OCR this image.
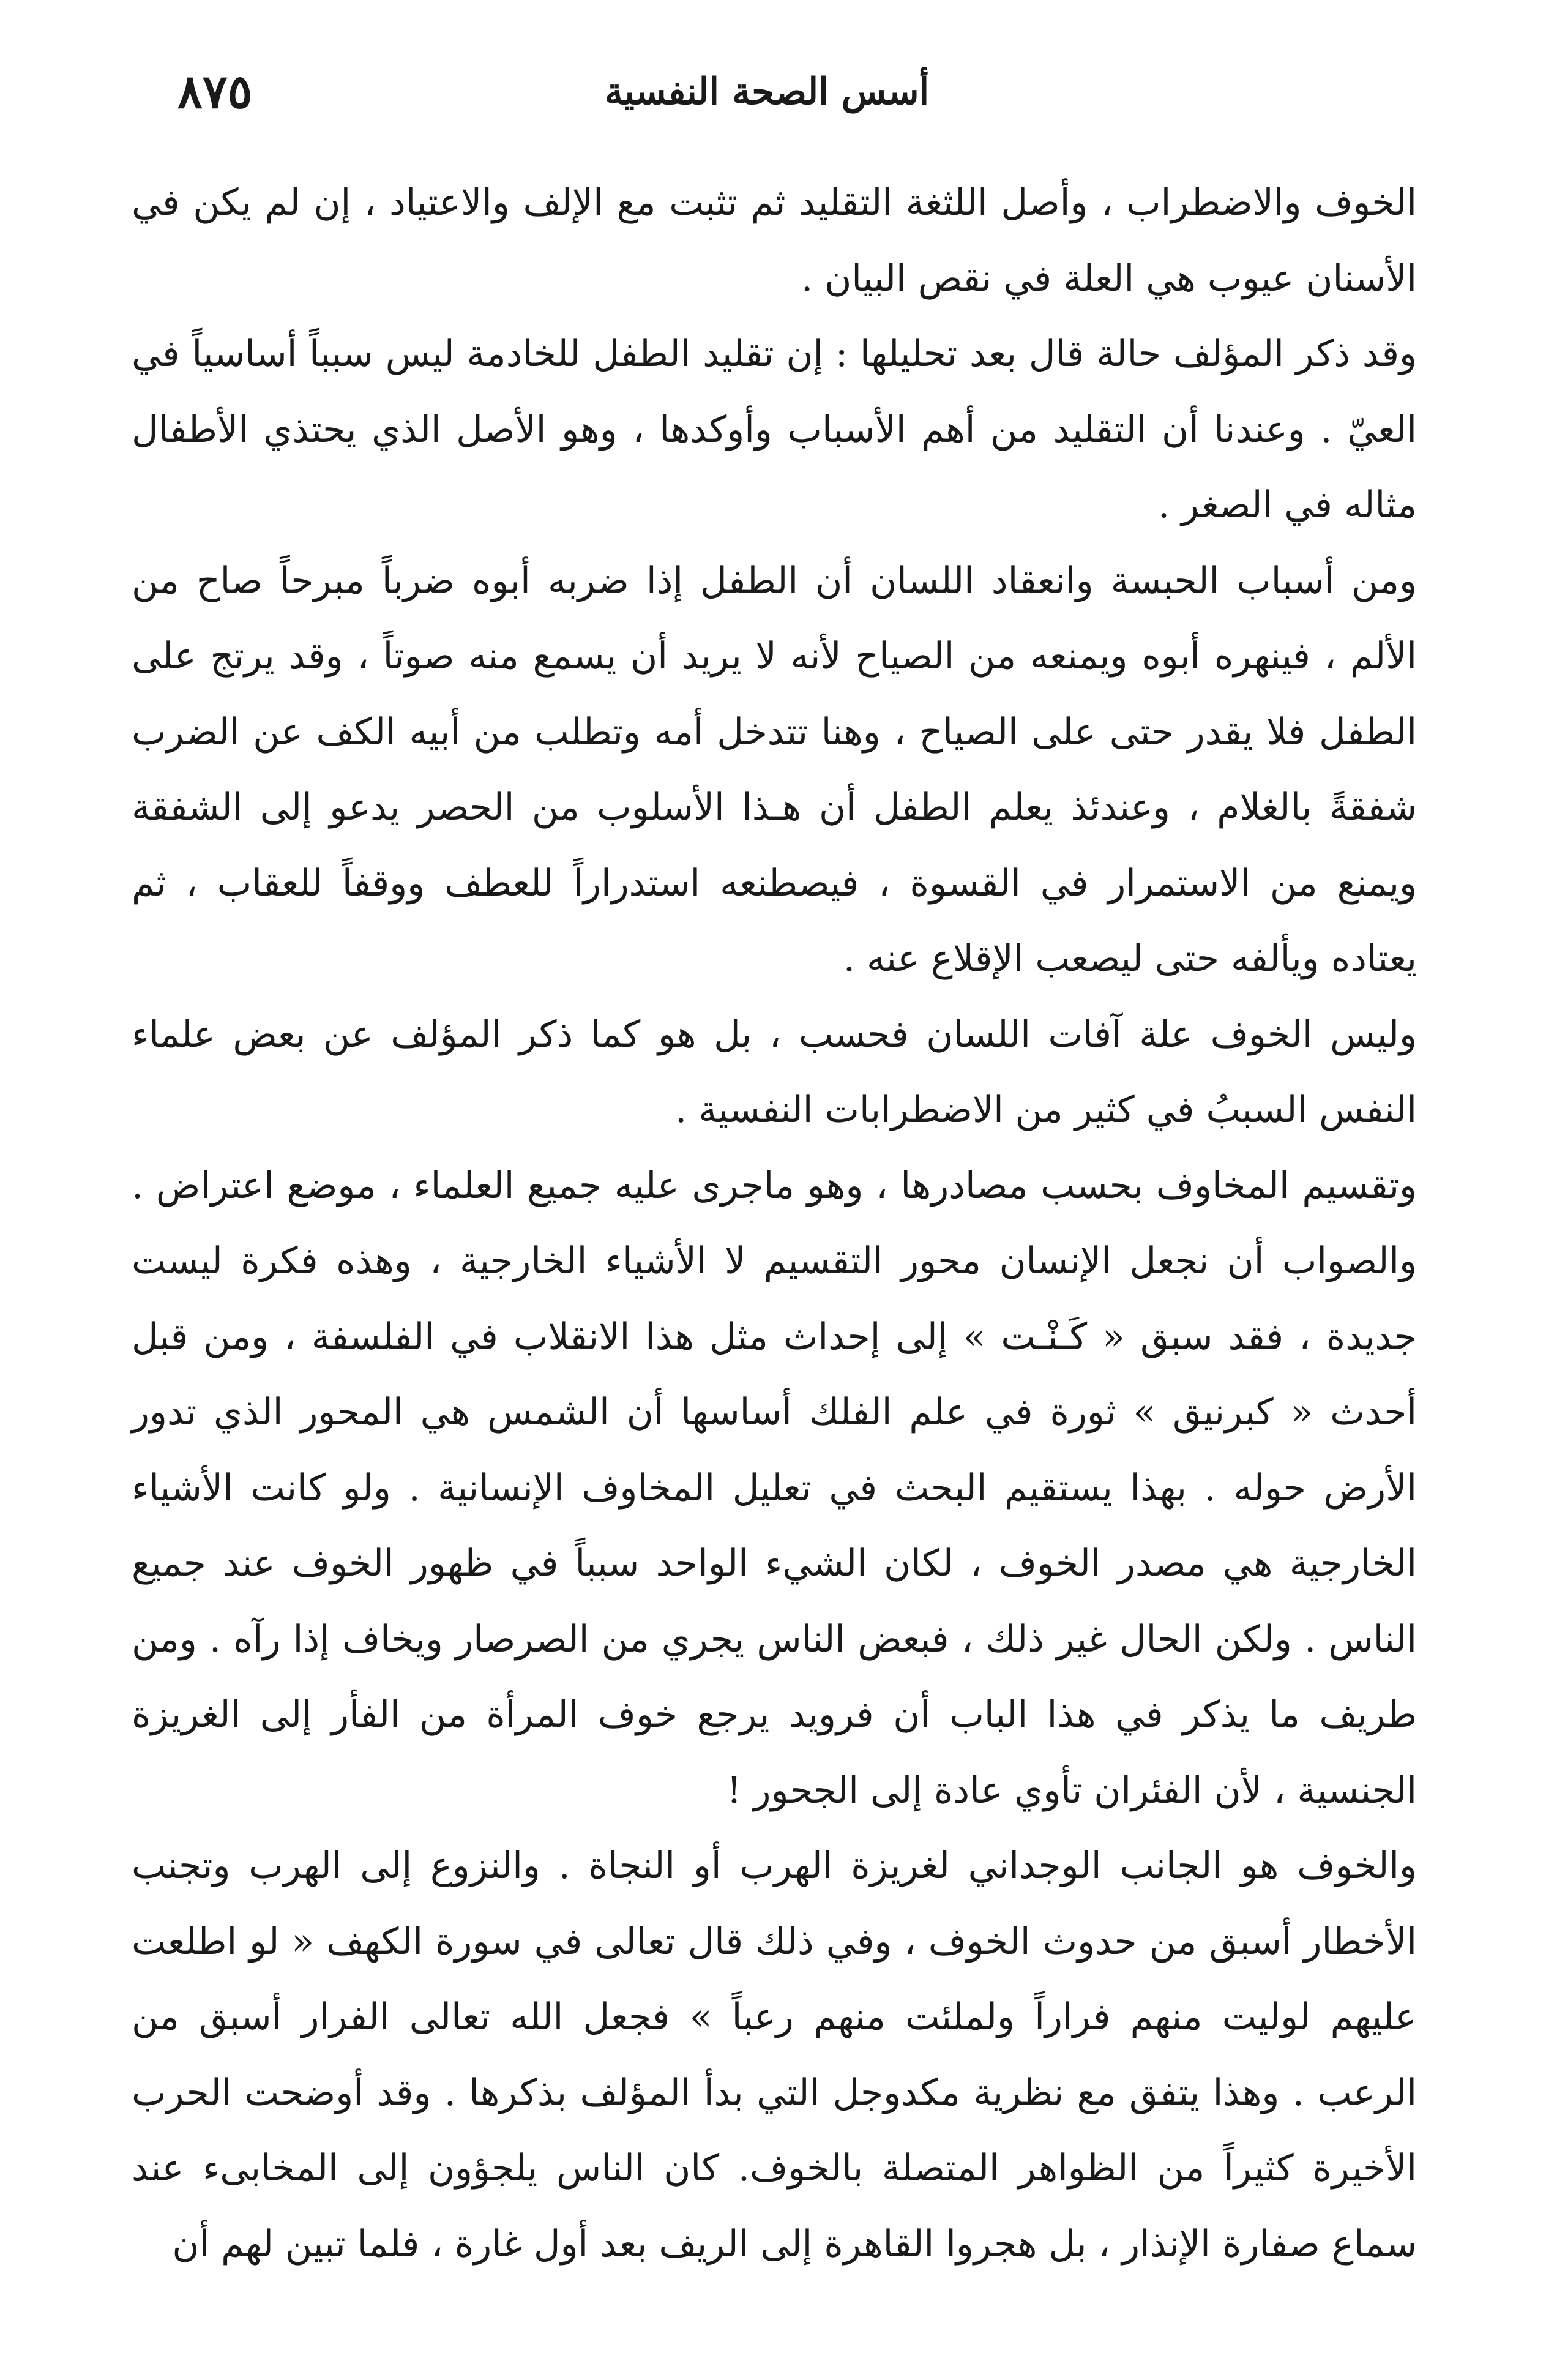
أسس الصحة النفسية
٨٧٥

الخوف والاضطراب ، وأصل اللثغة التقليد ثم تثبت مع الإلف والاعتياد ، إن لم يكن في الأسنان عيوب هي العلة في نقص البيان .

وقد ذكر المؤلف حالة قال بعد تحليلها : إن تقليد الطفل للخادمة ليس سبباً أساسياً في العيّ . وعندنا أن التقليد من أهم الأسباب وأوكدها ، وهو الأصل الذي يحتذي الأطفال مثاله في الصغر .

ومن أسباب الحبسة وانعقاد اللسان أن الطفل إذا ضربه أبوه ضرباً مبرحاً صاح من الألم ، فينهره أبوه ويمنعه من الصياح لأنه لا يريد أن يسمع منه صوتاً ، وقد يرتج على الطفل فلا يقدر حتى على الصياح ، وهنا تتدخل أمه وتطلب من أبيه الكف عن الضرب شفقةً بالغلام ، وعندئذ يعلم الطفل أن هـذا الأسلوب من الحصر يدعو إلى الشفقة ويمنع من الاستمرار في القسوة ، فيصطنعه استدراراً للعطف ووقفاً للعقاب ، ثم يعتاده ويألفه حتى ليصعب الإقلاع عنه .

وليس الخوف علة آفات اللسان فحسب ، بل هو كما ذكر المؤلف عن بعض علماء النفس السببُ في كثير من الاضطرابات النفسية .

وتقسيم المخاوف بحسب مصادرها ، وهو ماجرى عليه جميع العلماء ، موضع اعتراض . والصواب أن نجعل الإنسان محور التقسيم لا الأشياء الخارجية ، وهذه فكرة ليست جديدة ، فقد سبق « كَـنْـت » إلى إحداث مثل هذا الانقلاب في الفلسفة ، ومن قبل أحدث « كبرنيق » ثورة في علم الفلك أساسها أن الشمس هي المحور الذي تدور الأرض حوله . بهذا يستقيم البحث في تعليل المخاوف الإنسانية . ولو كانت الأشياء الخارجية هي مصدر الخوف ، لكان الشيء الواحد سبباً في ظهور الخوف عند جميع الناس . ولكن الحال غير ذلك ، فبعض الناس يجري من الصرصار ويخاف إذا رآه . ومن طريف ما يذكر في هذا الباب أن فرويد يرجع خوف المرأة من الفأر إلى الغريزة الجنسية ، لأن الفئران تأوي عادة إلى الجحور !

والخوف هو الجانب الوجداني لغريزة الهرب أو النجاة . والنزوع إلى الهرب وتجنب الأخطار أسبق من حدوث الخوف ، وفي ذلك قال تعالى في سورة الكهف « لو اطلعت عليهم لوليت منهم فراراً ولملئت منهم رعباً » فجعل الله تعالى الفرار أسبق من الرعب . وهذا يتفق مع نظرية مكدوجل التي بدأ المؤلف بذكرها . وقد أوضحت الحرب الأخيرة كثيراً من الظواهر المتصلة بالخوف. كان الناس يلجؤون إلى المخابىء عند سماع صفارة الإنذار ، بل هجروا القاهرة إلى الريف بعد أول غارة ، فلما تبين لهم أن
